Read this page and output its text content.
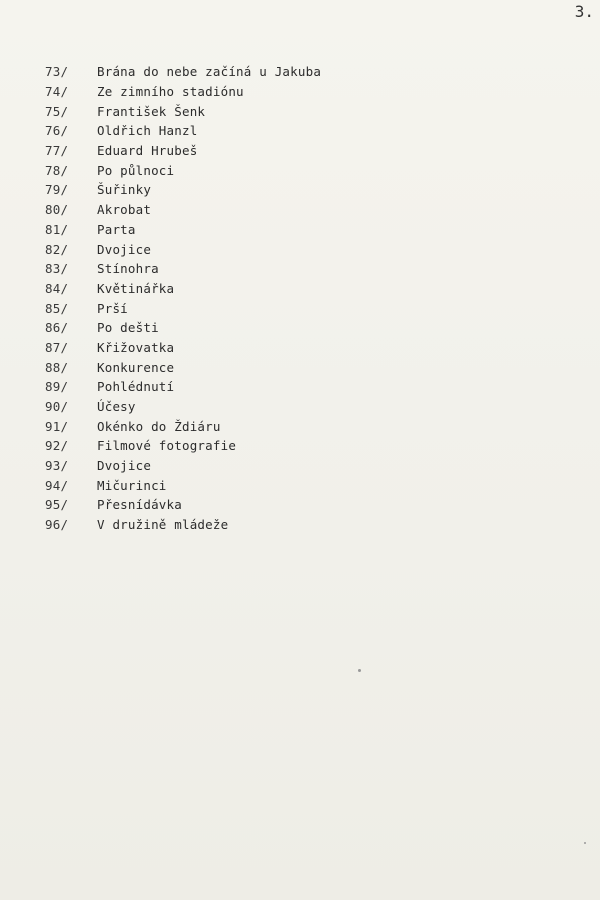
3.
73/	Brána do nebe začíná u Jakuba
74/	Ze zimního stadiónu
75/	František Šenk
76/	Oldřich Hanzl
77/	Eduard Hrubeš
78/	Po půlnoci
79/	Šuřinky
80/	Akrobat
81/	Parta
82/	Dvojice
83/	Stínohra
84/	Květinářka
85/	Prší
86/	Po dešti
87/	Křižovatka
88/	Konkurence
89/	Pohlédnutí
90/	Účesy
91/	Okénko do Ždiáru
92/	Filmové fotografie
93/	Dvojice
94/	Mičurinci
95/	Přesnídávka
96/	V družině mládeže
